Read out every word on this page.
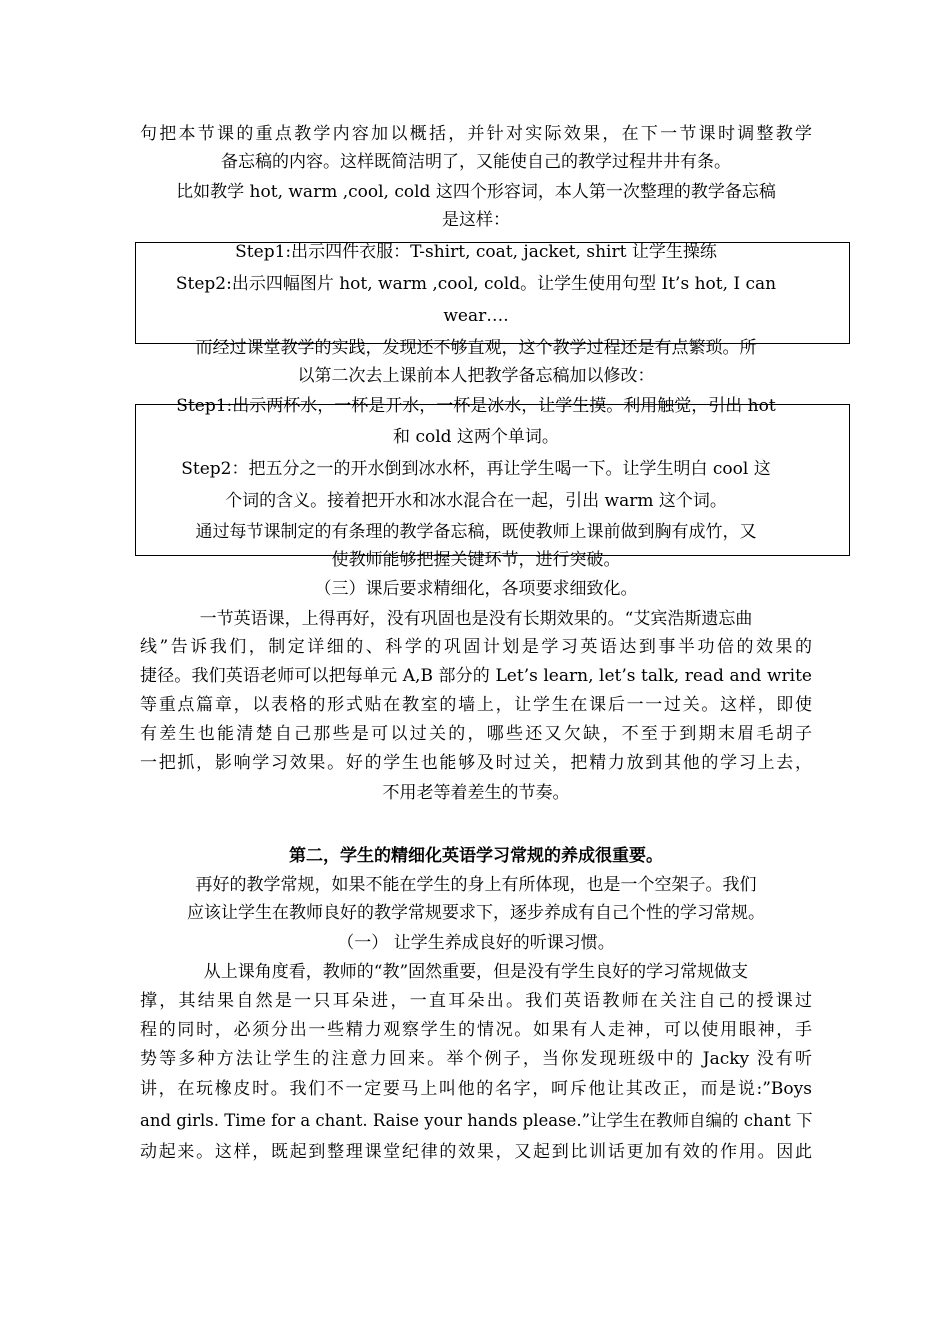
句把本节课的重点教学内容加以概括，并针对实际效果，在下一节课时调整教学
备忘稿的内容。这样既简洁明了，又能使自己的教学过程井井有条。
比如教学 hot, warm ,cool, cold 这四个形容词，本人第一次整理的教学备忘稿
是这样：
Step1:出示四件衣服：T-shirt, coat, jacket, shirt 让学生操练
Step2:出示四幅图片 hot, warm ,cool, cold。让学生使用句型 It’s hot, I can
wear….
而经过课堂教学的实践，发现还不够直观，这个教学过程还是有点繁琐。所
以第二次去上课前本人把教学备忘稿加以修改：
Step1:出示两杯水，一杯是开水，一杯是冰水，让学生摸。利用触觉，引出 hot
和 cold 这两个单词。
Step2：把五分之一的开水倒到冰水杯，再让学生喝一下。让学生明白 cool 这
个词的含义。接着把开水和冰水混合在一起，引出 warm 这个词。
通过每节课制定的有条理的教学备忘稿，既使教师上课前做到胸有成竹，又
使教师能够把握关键环节，进行突破。
（三）课后要求精细化，各项要求细致化。
一节英语课，上得再好，没有巩固也是没有长期效果的。“艾宾浩斯遗忘曲
线”告诉我们，制定详细的、科学的巩固计划是学习英语达到事半功倍的效果的
捷径。我们英语老师可以把每单元 A,B 部分的 Let’s learn, let’s talk, read and write
等重点篇章，以表格的形式贴在教室的墙上，让学生在课后一一过关。这样，即使
有差生也能清楚自己那些是可以过关的，哪些还又欠缺，不至于到期末眉毛胡子
一把抓，影响学习效果。好的学生也能够及时过关，把精力放到其他的学习上去，
不用老等着差生的节奏。
第二，学生的精细化英语学习常规的养成很重要。
再好的教学常规，如果不能在学生的身上有所体现，也是一个空架子。我们
应该让学生在教师良好的教学常规要求下，逐步养成有自己个性的学习常规。
（一） 让学生养成良好的听课习惯。
从上课角度看，教师的“教”固然重要，但是没有学生良好的学习常规做支
撑，其结果自然是一只耳朵进，一直耳朵出。我们英语教师在关注自己的授课过
程的同时，必须分出一些精力观察学生的情况。如果有人走神，可以使用眼神，手
势等多种方法让学生的注意力回来。举个例子，当你发现班级中的 Jacky 没有听
讲，在玩橡皮时。我们不一定要马上叫他的名字，呵斥他让其改正，而是说:”Boys
and girls. Time for a chant. Raise your hands please.”让学生在教师自编的 chant 下
动起来。这样，既起到整理课堂纪律的效果，又起到比训话更加有效的作用。因此
